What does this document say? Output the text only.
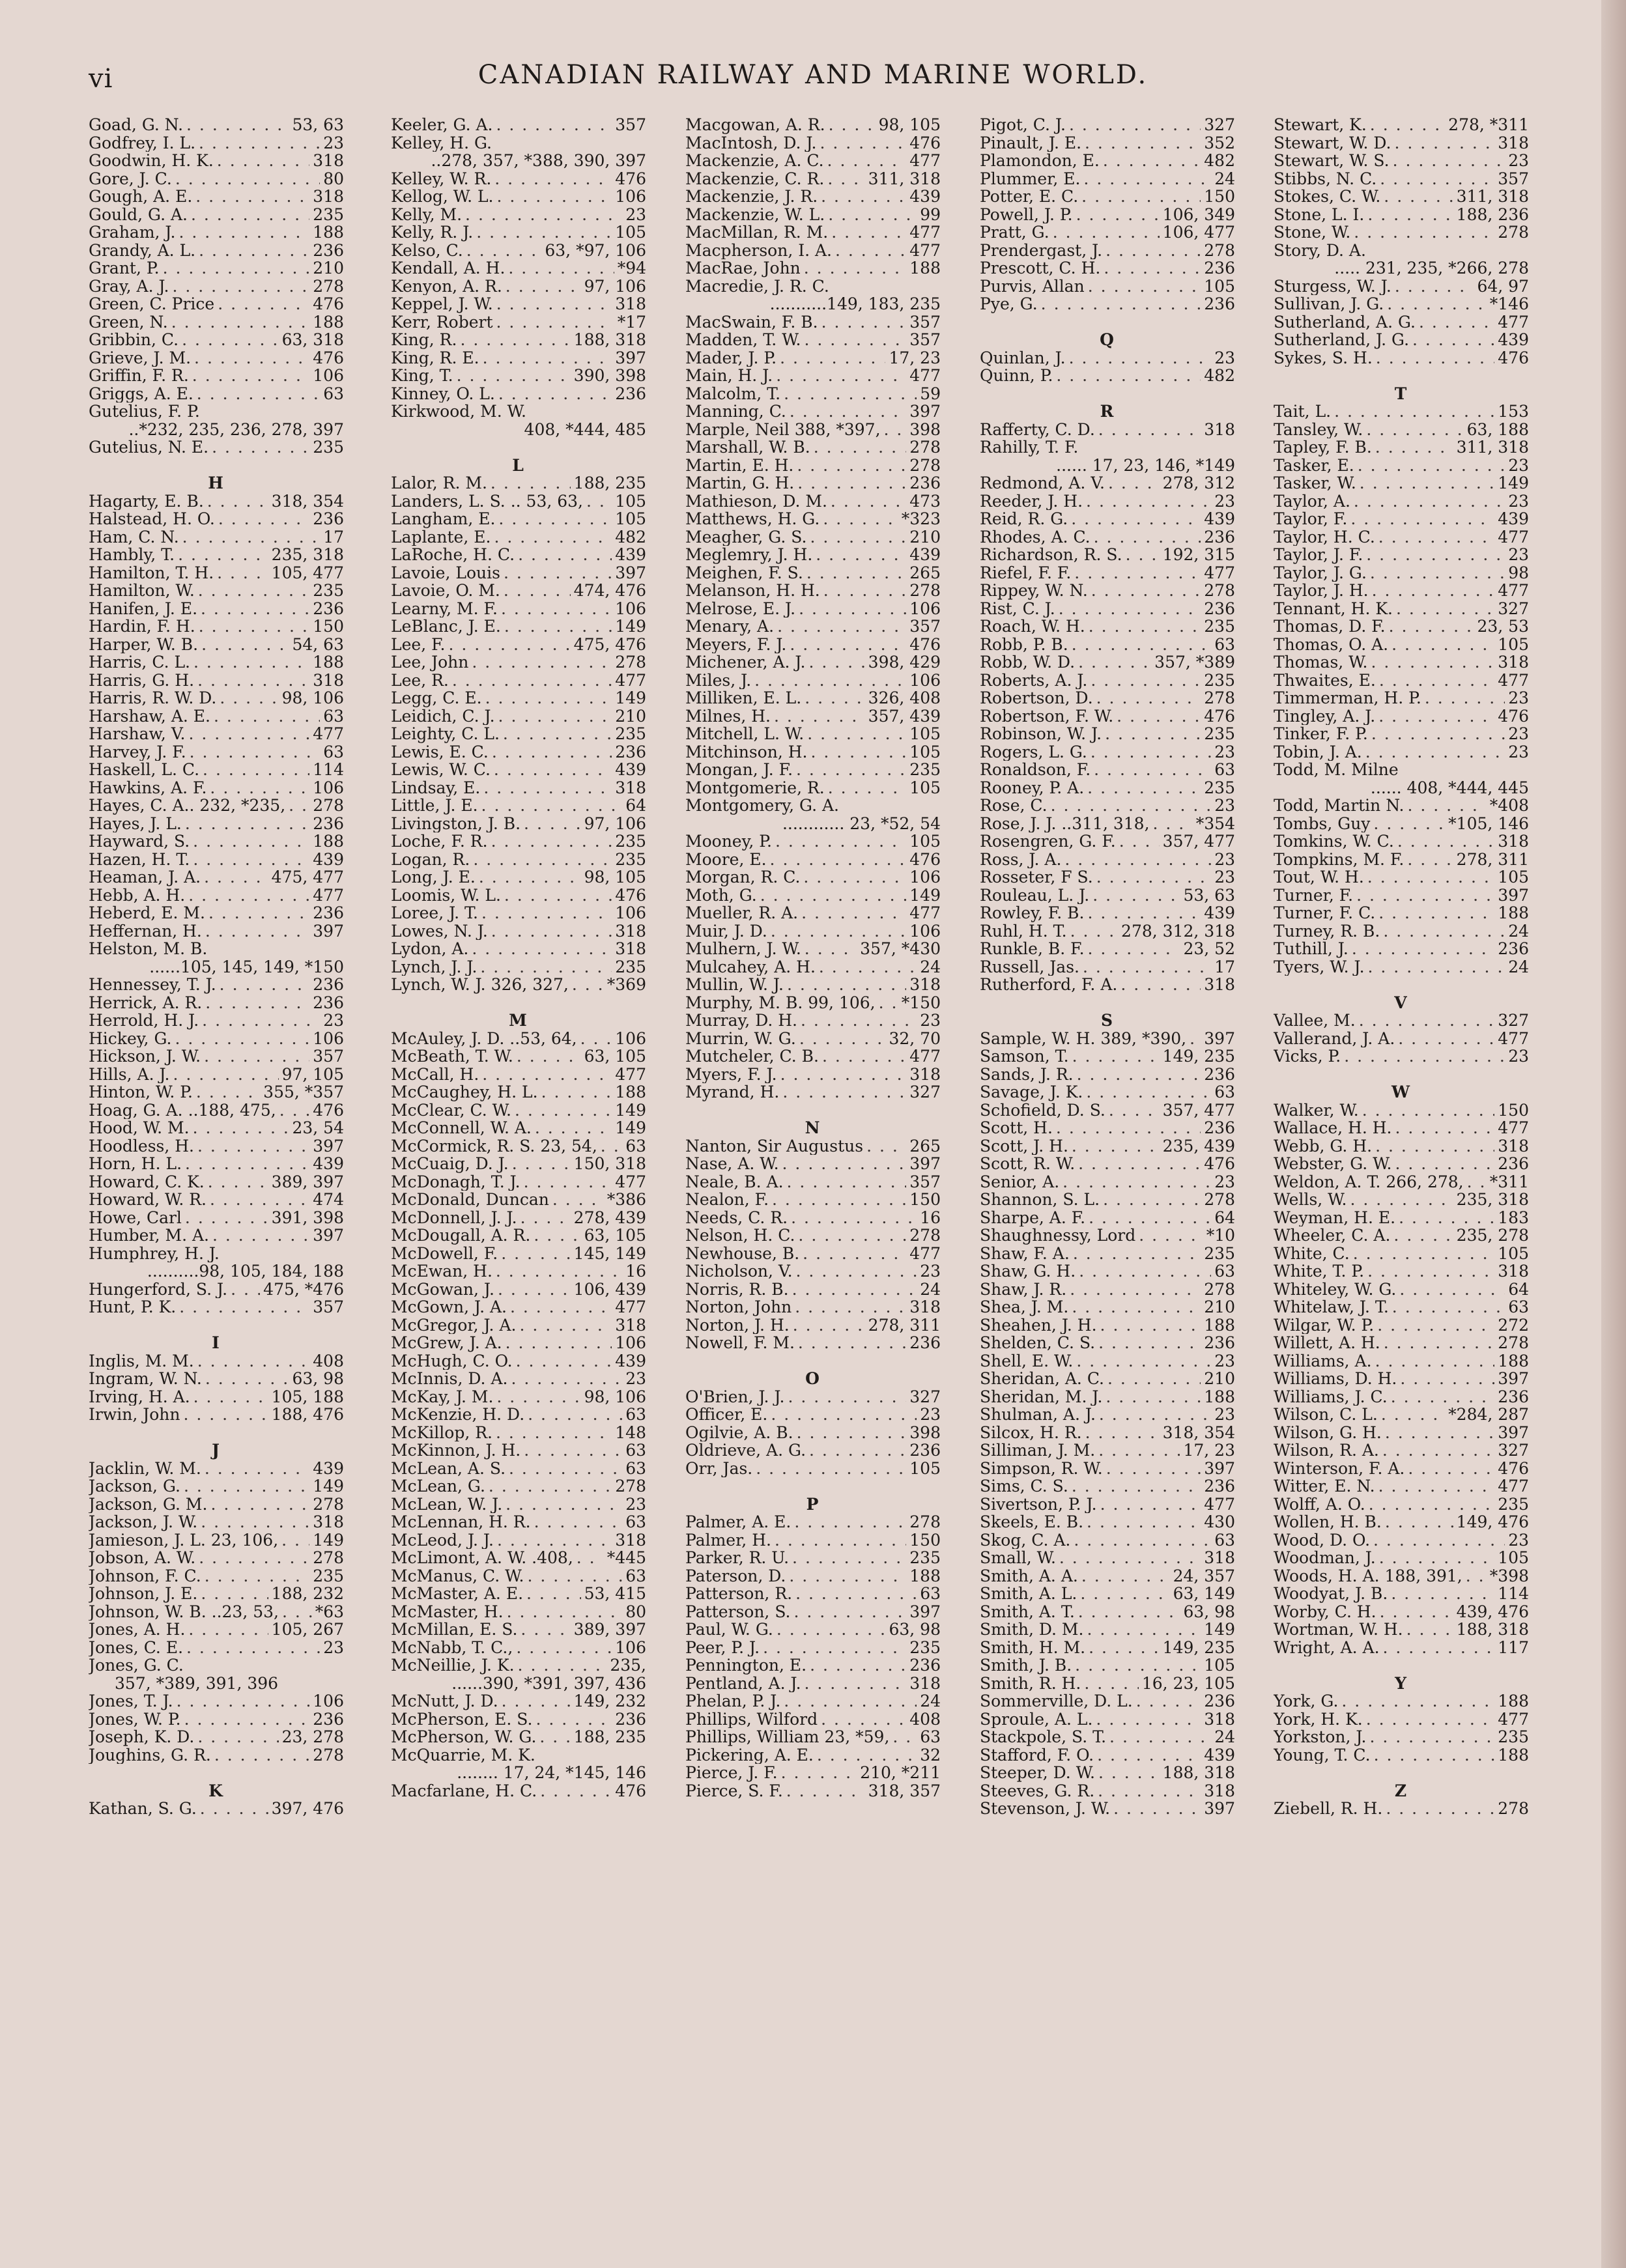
vi	CANADIAN RAILWAY AND MARINE WORLD.
Goad, G. N. . . .	53, 63
Godfrey, I. L. . . .	23
Goodwin, H. K. . . .	318
Gore, J. C. . . .	80
Gough, A. E. . . .	318
Gould, G. A. . . .	235
Graham, J. . . .	188
Grandy, A. L. . . .	236
Grant, P. . . .	210
Gray, A. J. . . .	278
Green, C. Price . . .	476
Green, N. . . .	188
Gribbin, C. . . .	63, 318
Grieve, J. M. . . .	476
Griffin, F. R. . . .	106
Griggs, A. E. . . .	63
Gutelius, F. P.
..*232, 235, 236, 278, 397
Gutelius, N. E. . . .	235
H
Hagarty, E. B. . . .	318, 354
Halstead, H. O. . . .	236
Ham, C. N. . . .	17
Hambly, T. . . .	235, 318
Hamilton, T. H. . . .	105, 477
Hamilton, W. . . .	235
Hanifen, J. E. . . .	236
Hardin, F. H. . . .	150
Harper, W. B. . . .	54, 63
Harris, C. L. . . .	188
Harris, G. H. . . .	318
Harris, R. W. D. . . .	98, 106
Harshaw, A. E. . . .	63
Harshaw, V. . . .	477
Harvey, J. F. . . .	63
Haskell, L. C. . . .	114
Hawkins, A. F. . . .	106
Hayes, C. A.. 232, *235, . . . 278
Hayes, J. L. . . .	236
Hayward, S. . . .	188
Hazen, H. T. . . .	439
Heaman, J. A. . . .	475, 477
Hebb, A. H. . . .	477
Heberd, E. M. . . .	236
Heffernan, H. . . .	397
Helston, M. B.
......105, 145, 149, *150
Hennessey, T. J. . . .	236
Herrick, A. R. . . .	236
Herrold, H. J. . . .	23
Hickey, G. . . .	106
Hickson, J. W. . . .	357
Hills, A. J. . . .	97, 105
Hinton, W. P. . . .	355, *357
Hoag, G. A. ..188, 475, . . . 476
Hood, W. M. . . .	23, 54
Hoodless, H. . . .	397
Horn, H. L. . . .	439
Howard, C. K. . . .	389, 397
Howard, W. R. . . .	474
Howe, Carl . . .	391, 398
Humber, M. A. . . .	397
Humphrey, H. J.
..........98, 105, 184, 188
Hungerford, S. J. . . . 475, *476
Hunt, P. K. . . .	357
I
Inglis, M. M. . . .	408
Ingram, W. N. . . .	63, 98
Irving, H. A. . . .	105, 188
Irwin, John . . .	188, 476
J
Jacklin, W. M. . . .	439
Jackson, G. . . .	149
Jackson, G. M. . . .	278
Jackson, J. W. . . .	318
Jamieson, J. L. 23, 106, . . . 149
Jobson, A. W. . . .	278
Johnson, F. C. . . .	235
Johnson, J. E. . . .	188, 232
Johnson, W. B. ..23, 53, . . . *63
Jones, A. H. . . .	105, 267
Jones, C. E. . . .	23
Jones, G. C.
357, *389, 391, 396
Jones, T. J. . . .	106
Jones, W. P. . . .	236
Joseph, K. D. . . .	23, 278
Joughins, G. R. . . .	278
K
Kathan, S. G. . . .	397, 476
Keeler, G. A. . . .	357
Kelley, H. G.
..278, 357, *388, 390, 397
Kelley, W. R. . . .	476
Kellog, W. L. . . .	106
Kelly, M. . . .	23
Kelly, R. J. . . .	105
Kelso, C. . . .	63, *97, 106
Kendall, A. H. . . .	*94
Kenyon, A. R. . . .	97, 106
Keppel, J. W. . . .	318
Kerr, Robert . . .	*17
King, R. . . .	188, 318
King, R. E. . . .	397
King, T. . . .	390, 398
Kinney, O. L. . . .	236
Kirkwood, M. W.
408, *444, 485
L
Lalor, R. M. . . .	188, 235
Landers, L. S. .. 53, 63, . . . 105
Langham, E. . . .	105
Laplante, E. . . .	482
LaRoche, H. C. . . .	439
Lavoie, Louis . . .	397
Lavoie, O. M. . . .	474, 476
Learny, M. F. . . .	106
LeBlanc, J. E. . . .	149
Lee, F. . . .	475, 476
Lee, John . . .	278
Lee, R. . . .	477
Legg, C. E. . . .	149
Leidich, C. J. . . .	210
Leighty, C. L. . . .	235
Lewis, E. C. . . .	236
Lewis, W. C. . . .	439
Lindsay, E. . . .	318
Little, J. E. . . .	64
Livingston, J. B. . . .	97, 106
Loche, F. R. . . .	235
Logan, R. . . .	235
Long, J. E. . . .	98, 105
Loomis, W. L. . . .	476
Loree, J. T. . . .	106
Lowes, N. J. . . .	318
Lydon, A. . . .	318
Lynch, J. J. . . .	235
Lynch, W. J. 326, 327, . . . *369
M
McAuley, J. D. ..53, 64, . . . 106
McBeath, T. W. . . .	63, 105
McCall, H. . . .	477
McCaughey, H. L. . . .	188
McClear, C. W. . . .	149
McConnell, W. A. . . .	149
McCormick, R. S. 23, 54, . . . 63
McCuaig, D. J. . . .	150, 318
McDonagh, T. J. . . .	477
McDonald, Duncan . . .	*386
McDonnell, J. J. . . .	278, 439
McDougall, A. R. . . .	63, 105
McDowell, F. . . .	145, 149
McEwan, H. . . .	16
McGowan, J. . . .	106, 439
McGown, J. A. . . .	477
McGregor, J. A. . . .	318
McGrew, J. A. . . .	106
McHugh, C. O. . . .	439
McInnis, D. A. . . .	23
McKay, J. M. . . .	98, 106
McKenzie, H. D. . . .	63
McKillop, R. . . .	148
McKinnon, J. H. . . .	63
McLean, A. S. . . .	63
McLean, G. . . .	278
McLean, W. J. . . .	23
McLennan, H. R. . . .	63
McLeod, J. J. . . .	318
McLimont, A. W. .408, . . . *445
McManus, C. W. . . .	63
McMaster, A. E. . . .	53, 415
McMaster, H. . . .	80
McMillan, E. S. . . .	389, 397
McNabb, T. C., . . .	106
McNeillie, J. K. . . .	235,
......390, *391, 397, 436
McNutt, J. D. . . .	149, 232
McPherson, E. S. . . .	236
McPherson, W. G. . . . 188, 235
McQuarrie, M. K.
........ 17, 24, *145, 146
Macfarlane, H. C. . . .	476
Macgowan, A. R. . . .	98, 105
MacIntosh, D. J. . . .	476
Mackenzie, A. C. . . .	477
Mackenzie, C. R. . . .	311, 318
Mackenzie, J. R. . . .	439
Mackenzie, W. L. . . .	99
MacMillan, R. M. . . .	477
Macpherson, I. A. . . .	477
MacRae, John . . .	188
Macredie, J. R. C.
...........149, 183, 235
MacSwain, F. B. . . .	357
Madden, T. W. . . .	357
Mader, J. P. . . .	17, 23
Main, H. J. . . .	477
Malcolm, T. . . .	59
Manning, C. . . .	397
Marple, Neil 388, *397, . . . 398
Marshall, W. B. . . .	278
Martin, E. H. . . .	278
Martin, G. H. . . .	236
Mathieson, D. M. . . .	473
Matthews, H. G. . . .	*323
Meagher, G. S. . . .	210
Meglemry, J. H. . . .	439
Meighen, F. S. . . .	265
Melanson, H. H. . . .	278
Melrose, E. J. . . .	106
Menary, A. . . .	357
Meyers, F. J. . . .	476
Michener, A. J. . . .	398, 429
Miles, J. . . .	106
Milliken, E. L. . . .	326, 408
Milnes, H. . . .	357, 439
Mitchell, L. W. . . .	105
Mitchinson, H. . . .	105
Mongan, J. F. . . .	235
Montgomerie, R. . . .	105
Montgomery, G. A.
............ 23, *52, 54
Mooney, P. . . .	105
Moore, E. . . .	476
Morgan, R. C. . . .	106
Moth, G. . . .	149
Mueller, R. A. . . .	477
Muir, J. D. . . .	106
Mulhern, J. W. . . .	357, *430
Mulcahey, A. H. . . .	24
Mullin, W. J. . . .	318
Murphy, M. B. 99, 106, . . . *150
Murray, D. H. . . .	23
Murrin, W. G. . . .	32, 70
Mutcheler, C. B. . . .	477
Myers, F. J. . . .	318
Myrand, H. . . .	327
N
Nanton, Sir Augustus . . .	265
Nase, A. W. . . .	397
Neale, B. A. . . .	357
Nealon, F. . . .	150
Needs, C. R. . . .	16
Nelson, H. C. . . .	278
Newhouse, B. . . .	477
Nicholson, V. . . .	23
Norris, R. B. . . .	24
Norton, John . . .	318
Norton, J. H. . . .	278, 311
Nowell, F. M. . . .	236
O
O'Brien, J. J. . . .	327
Officer, E. . . .	23
Ogilvie, A. B. . . .	398
Oldrieve, A. G. . . .	236
Orr, Jas. . . .	105
P
Palmer, A. E. . . .	278
Palmer, H. . . .	150
Parker, R. U. . . .	235
Paterson, D. . . .	188
Patterson, R. . . .	63
Patterson, S. . . .	397
Paul, W. G. . . .	63, 98
Peer, P. J. . . .	235
Pennington, E. . . .	236
Pentland, A. J. . . .	318
Phelan, P. J. . . .	24
Phillips, Wilford . . .	408
Phillips, William 23, *59, . . . 63
Pickering, A. E. . . .	32
Pierce, J. F. . . .	210, *211
Pierce, S. F. . . .	318, 357
Pigot, C. J. . . .	327
Pinault, J. E. . . .	352
Plamondon, E. . . .	482
Plummer, E. . . .	24
Potter, E. C. . . .	150
Powell, J. P. . . .	106, 349
Pratt, G. . . .	106, 477
Prendergast, J. . . .	278
Prescott, C. H. . . .	236
Purvis, Allan . . .	105
Pye, G. . . .	236
Q
Quinlan, J. . . .	23
Quinn, P. . . .	482
R
Rafferty, C. D. . . .	318
Rahilly, T. F.
...... 17, 23, 146, *149
Redmond, A. V. . . .	278, 312
Reeder, J. H. . . .	23
Reid, R. G. . . .	439
Rhodes, A. C. . . .	236
Richardson, R. S. . . . 192, 315
Riefel, F. F. . . .	477
Rippey, W. N. . . .	278
Rist, C. J. . . .	236
Roach, W. H. . . .	235
Robb, P. B. . . .	63
Robb, W. D. . . .	357, *389
Roberts, A. J. . . .	235
Robertson, D. . . .	278
Robertson, F. W. . . .	476
Robinson, W. J. . . .	235
Rogers, L. G. . . .	23
Ronaldson, F. . . .	63
Rooney, P. A. . . .	235
Rose, C. . . .	23
Rose, J. J. ..311, 318, . . .	*354
Rosengren, G. F. . . .	357, 477
Ross, J. A. . . .	23
Rosseter, F S. . . .	23
Rouleau, L. J. . . .	53, 63
Rowley, F. B. . . .	439
Ruhl, H. T. . . .	278, 312, 318
Runkle, B. F. . . .	23, 52
Russell, Jas. . . .	17
Rutherford, F. A. . . .	318
S
Sample, W. H. 389, *390, . . . 397
Samson, T. . . .	149, 235
Sands, J. R. . . .	236
Savage, J. K. . . .	63
Schofield, D. S. . . .	357, 477
Scott, H. . . .	236
Scott, J. H. . . .	235, 439
Scott, R. W. . . .	476
Senior, A. . . .	23
Shannon, S. L. . . .	278
Sharpe, A. F. . . .	64
Shaughnessy, Lord . . .	*10
Shaw, F. A. . . .	235
Shaw, G. H. . . .	63
Shaw, J. R. . . .	278
Shea, J. M. . . .	210
Sheahen, J. H. . . .	188
Shelden, C. S. . . .	236
Shell, E. W. . . .	23
Sheridan, A. C. . . .	210
Sheridan, M. J. . . .	188
Shulman, A. J. . . .	23
Silcox, H. R. . . .	318, 354
Silliman, J. M. . . .	17, 23
Simpson, R. W. . . .	397
Sims, C. S. . . .	236
Sivertson, P. J. . . .	477
Skeels, E. B. . . .	430
Skog, C. A. . . .	63
Small, W. . . .	318
Smith, A. A. . . .	24, 357
Smith, A. L. . . .	63, 149
Smith, A. T. . . .	63, 98
Smith, D. M. . . .	149
Smith, H. M. . . .	149, 235
Smith, J. B. . . .	105
Smith, R. H. . . .	16, 23, 105
Sommerville, D. L. . . .	236
Sproule, A. L. . . .	318
Stackpole, S. T. . . .	24
Stafford, F. O. . . .	439
Steeper, D. W. . . .	188, 318
Steeves, G. R. . . .	318
Stevenson, J. W. . . .	397
Stewart, K. . . .	278, *311
Stewart, W. D. . . .	318
Stewart, W. S. . . .	23
Stibbs, N. C. . . .	357
Stokes, C. W. . . .	311, 318
Stone, L. I. . . .	188, 236
Stone, W. . . .	278
Story, D. A.
..... 231, 235, *266, 278
Sturgess, W. J. . . .	64, 97
Sullivan, J. G. . . .	*146
Sutherland, A. G. . . .	477
Sutherland, J. G. . . .	439
Sykes, S. H. . . .	476
T
Tait, L. . . .	153
Tansley, W. . . .	63, 188
Tapley, F. B. . . .	311, 318
Tasker, E. . . .	23
Tasker, W. . . .	149
Taylor, A. . . .	23
Taylor, F. . . .	439
Taylor, H. C. . . .	477
Taylor, J. F. . . .	23
Taylor, J. G. . . .	98
Taylor, J. H. . . .	477
Tennant, H. K. . . .	327
Thomas, D. F. . . .	23, 53
Thomas, O. A. . . .	105
Thomas, W. . . .	318
Thwaites, E. . . .	477
Timmerman, H. P. . . .	23
Tingley, A. J. . . .	476
Tinker, F. P. . . .	23
Tobin, J. A. . . .	23
Todd, M. Milne
...... 408, *444, 445
Todd, Martin N. . . .	*408
Tombs, Guy . . .	*105, 146
Tomkins, W. C. . . .	318
Tompkins, M. F. . . .	278, 311
Tout, W. H. . . .	105
Turner, F. . . .	397
Turner, F. C. . . .	188
Turney, R. B. . . .	24
Tuthill, J. . . .	236
Tyers, W. J. . . .	24
V
Vallee, M. . . .	327
Vallerand, J. A. . . .	477
Vicks, P. . . .	23
W
Walker, W. . . .	150
Wallace, H. H. . . .	477
Webb, G. H. . . .	318
Webster, G. W. . . .	236
Weldon, A. T. 266, 278, . . . *311
Wells, W. . . .	235, 318
Weyman, H. E. . . .	183
Wheeler, C. A. . . .	235, 278
White, C. . . .	105
White, T. P. . . .	318
Whiteley, W. G. . . .	64
Whitelaw, J. T. . . .	63
Wilgar, W. P. . . .	272
Willett, A. H. . . .	278
Williams, A. . . .	188
Williams, D. H. . . .	397
Williams, J. C. . . .	236
Wilson, C. L. . . .	*284, 287
Wilson, G. H. . . .	397
Wilson, R. A. . . .	327
Winterson, F. A. . . .	476
Witter, E. N. . . .	477
Wolff, A. O. . . .	235
Wollen, H. B. . . .	149, 476
Wood, D. O. . . .	23
Woodman, J. . . .	105
Woods, H. A. 188, 391, . . . *398
Woodyat, J. B. . . .	114
Worby, C. H. . . .	439, 476
Wortman, W. H. . . .	188, 318
Wright, A. A. . . .	117
Y
York, G. . . .	188
York, H. K. . . .	477
Yorkston, J. . . .	235
Young, T. C. . . .	188
Z
Ziebell, R. H. . . .	278
